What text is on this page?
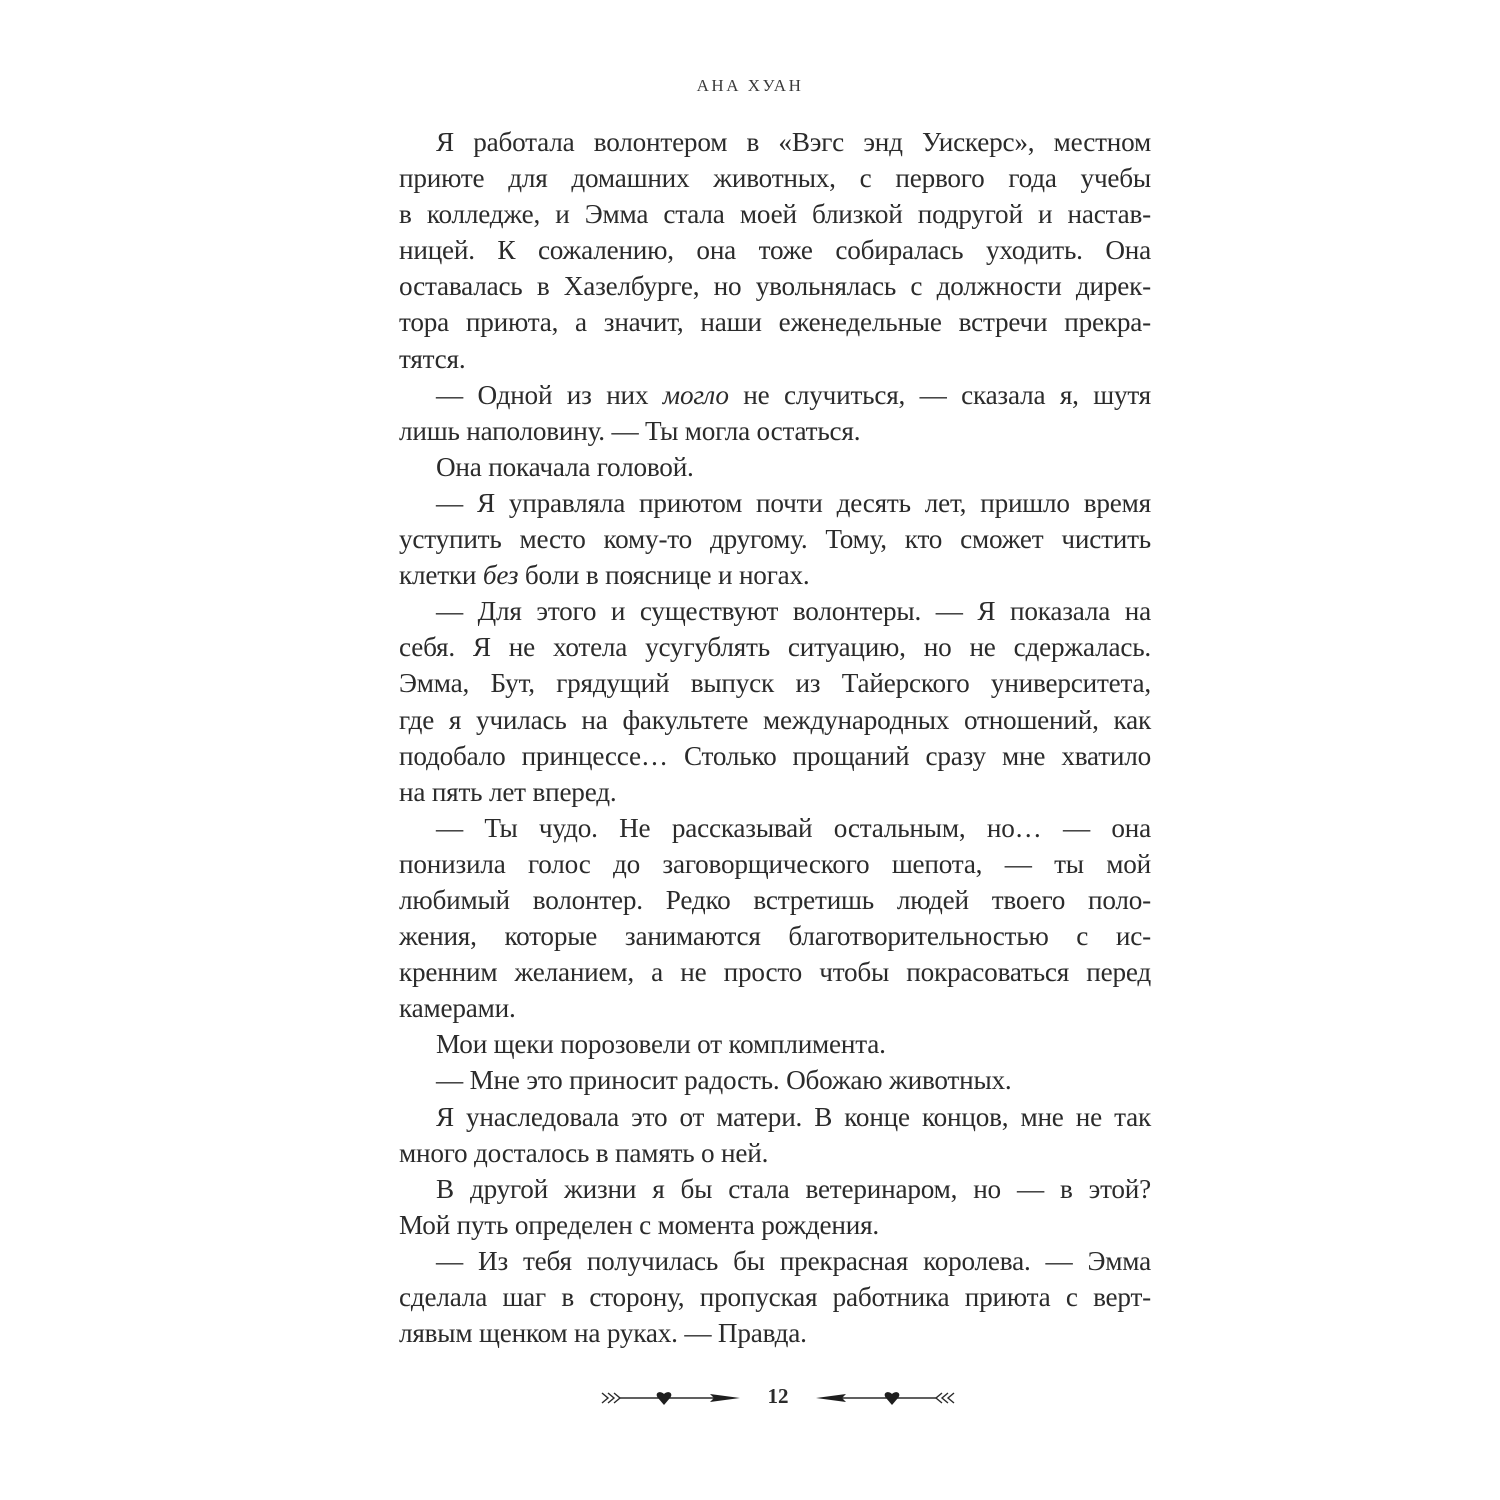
АНА ХУАН
Я работала волонтером в «Вэгс энд Уискерс», местном
приюте для домашних животных, с первого года учебы
в колледже, и Эмма стала моей близкой подругой и настав-
ницей. К сожалению, она тоже собиралась уходить. Она
оставалась в Хазелбурге, но увольнялась с должности дирек-
тора приюта, а значит, наши еженедельные встречи прекра-
тятся.
— Одной из них могло не случиться, — сказала я, шутя
лишь наполовину. — Ты могла остаться.
Она покачала головой.
— Я управляла приютом почти десять лет, пришло время
уступить место кому-то другому. Тому, кто сможет чистить
клетки без боли в пояснице и ногах.
— Для этого и существуют волонтеры. — Я показала на
себя. Я не хотела усугублять ситуацию, но не сдержалась.
Эмма, Бут, грядущий выпуск из Тайерского университета,
где я училась на факультете международных отношений, как
подобало принцессе… Столько прощаний сразу мне хватило
на пять лет вперед.
— Ты чудо. Не рассказывай остальным, но… — она
понизила голос до заговорщического шепота, — ты мой
любимый волонтер. Редко встретишь людей твоего поло-
жения, которые занимаются благотворительностью с ис-
кренним желанием, а не просто чтобы покрасоваться перед
камерами.
Мои щеки порозовели от комплимента.
— Мне это приносит радость. Обожаю животных.
Я унаследовала это от матери. В конце концов, мне не так
много досталось в память о ней.
В другой жизни я бы стала ветеринаром, но — в этой?
Мой путь определен с момента рождения.
— Из тебя получилась бы прекрасная королева. — Эмма
сделала шаг в сторону, пропуская работника приюта с верт-
лявым щенком на руках. — Правда.
12
